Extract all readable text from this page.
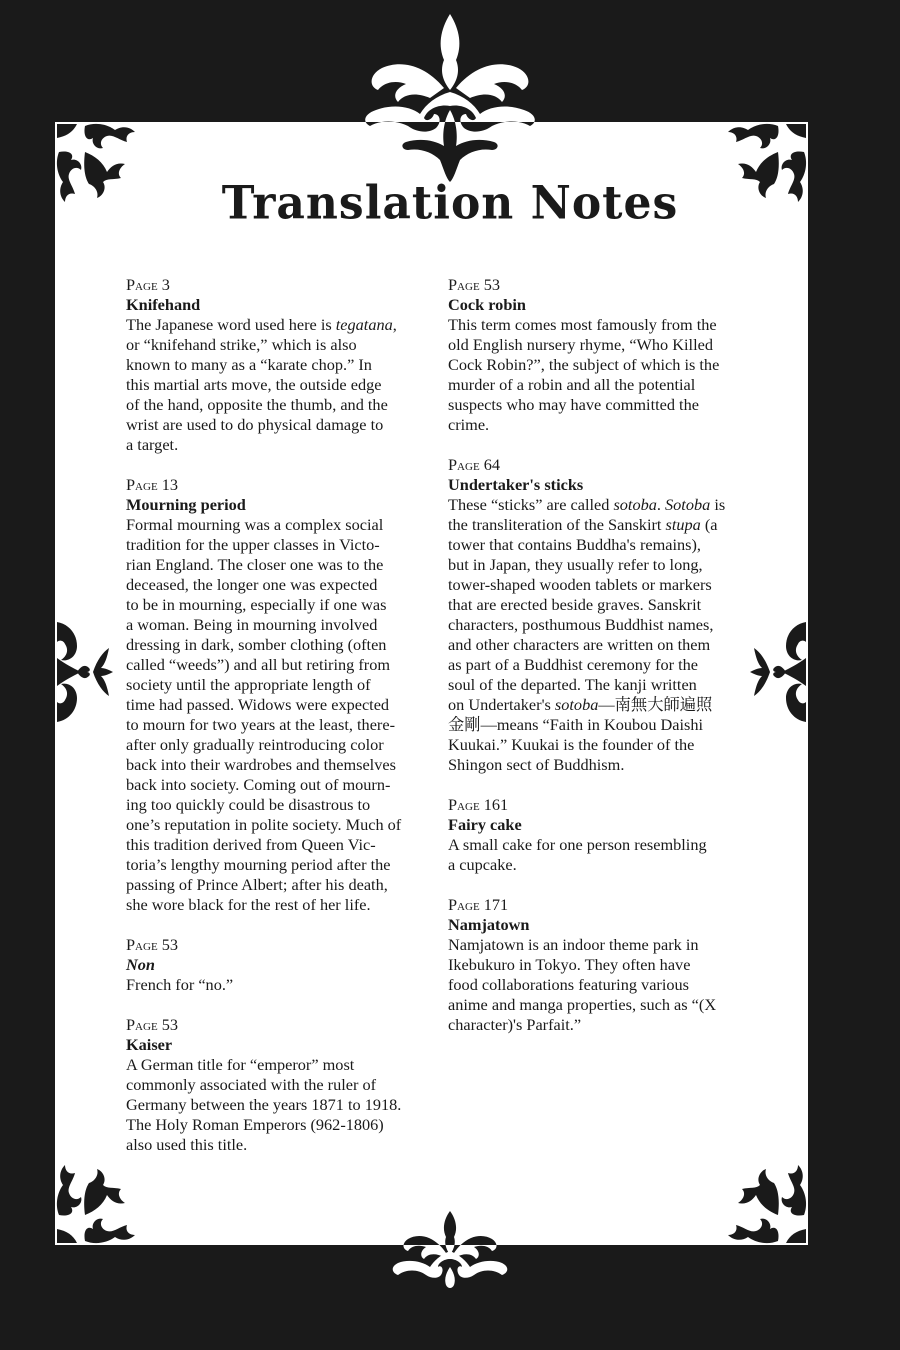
Translation Notes
Page 3
Knifehand
The Japanese word used here is tegatana,
or “knifehand strike,” which is also
known to many as a “karate chop.” In
this martial arts move, the outside edge
of the hand, opposite the thumb, and the
wrist are used to do physical damage to
a target.
Page 13
Mourning period
Formal mourning was a complex social
tradition for the upper classes in Victo-
rian England. The closer one was to the
deceased, the longer one was expected
to be in mourning, especially if one was
a woman. Being in mourning involved
dressing in dark, somber clothing (often
called “weeds”) and all but retiring from
society until the appropriate length of
time had passed. Widows were expected
to mourn for two years at the least, there-
after only gradually reintroducing color
back into their wardrobes and themselves
back into society. Coming out of mourn-
ing too quickly could be disastrous to
one’s reputation in polite society. Much of
this tradition derived from Queen Vic-
toria’s lengthy mourning period after the
passing of Prince Albert; after his death,
she wore black for the rest of her life.
Page 53
Non
French for “no.”
Page 53
Kaiser
A German title for “emperor” most
commonly associated with the ruler of
Germany between the years 1871 to 1918.
The Holy Roman Emperors (962-1806)
also used this title.
Page 53
Cock robin
This term comes most famously from the
old English nursery rhyme, “Who Killed
Cock Robin?”, the subject of which is the
murder of a robin and all the potential
suspects who may have committed the
crime.
Page 64
Undertaker's sticks
These “sticks” are called sotoba. Sotoba is
the transliteration of the Sanskirt stupa (a
tower that contains Buddha's remains),
but in Japan, they usually refer to long,
tower-shaped wooden tablets or markers
that are erected beside graves. Sanskrit
characters, posthumous Buddhist names,
and other characters are written on them
as part of a Buddhist ceremony for the
soul of the departed. The kanji written
on Undertaker's sotoba—南無大師遍照
金剛—means “Faith in Koubou Daishi
Kuukai.” Kuukai is the founder of the
Shingon sect of Buddhism.
Page 161
Fairy cake
A small cake for one person resembling
a cupcake.
Page 171
Namjatown
Namjatown is an indoor theme park in
Ikebukuro in Tokyo. They often have
food collaborations featuring various
anime and manga properties, such as “(X
character)'s Parfait.”
